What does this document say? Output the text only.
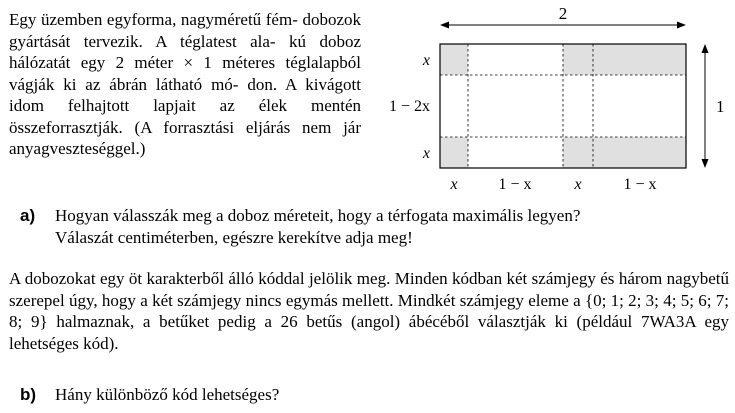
Egy üzemben egyforma, nagyméretű fém- dobozok gyártását tervezik. A téglatest ala- kú doboz hálózatát egy 2 méter × 1 méteres téglalapból vágják ki az ábrán látható mó- don. A kivágott idom felhajtott lapjait az élek mentén összeforrasztják. (A forrasztási eljárás nem jár anyagveszteséggel.)

2
1
x
1 − 2x
x
x	1 − x	x	1 − x
a) Hogyan válasszák meg a doboz méreteit, hogy a térfogata maximális legyen?
Válaszát centiméterben, egészre kerekítve adja meg!

A dobozokat egy öt karakterből álló kóddal jelölik meg. Minden kódban két számjegy és három nagybetű szerepel úgy, hogy a két számjegy nincs egymás mellett. Mindkét számjegy eleme a {0; 1; 2; 3; 4; 5; 6; 7; 8; 9} halmaznak, a betűket pedig a 26 betűs (angol) ábécéből választják ki (például 7WA3A egy lehetséges kód).

b) Hány különböző kód lehetséges?
